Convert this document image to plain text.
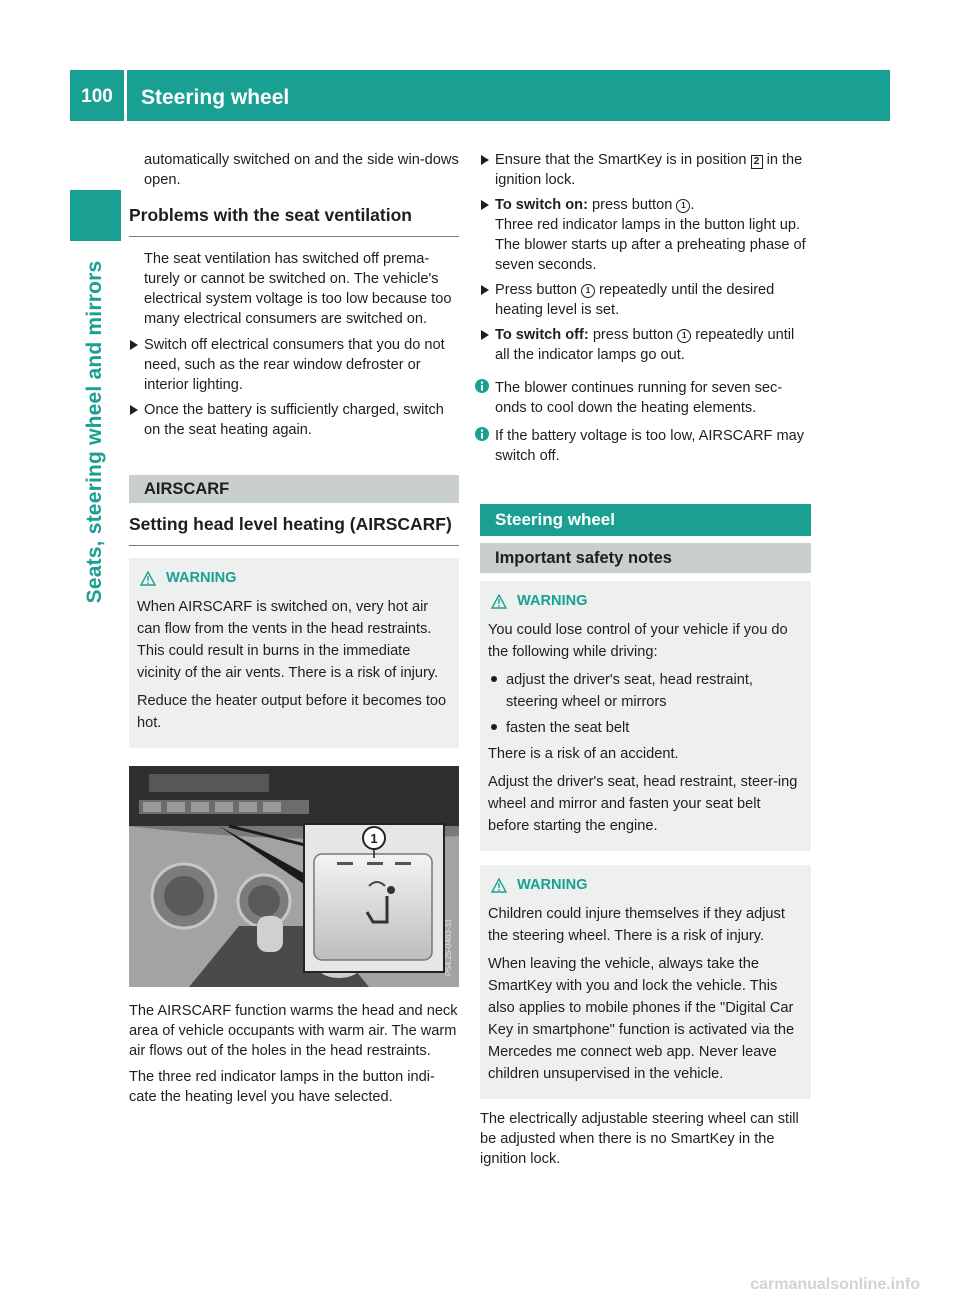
100	Steering wheel
Seats, steering wheel and mirrors

automatically switched on and the side win-dows open.

Problems with the seat ventilation

The seat ventilation has switched off prema-turely or cannot be switched on. The vehicle's electrical system voltage is too low because too many electrical consumers are switched on.

Switch off electrical consumers that you do not need, such as the rear window defroster or interior lighting.
Once the battery is sufficiently charged, switch on the seat heating again.
AIRSCARF
Setting head level heating (AIRSCARF)
WARNING

When AIRSCARF is switched on, very hot air can flow from the vents in the head restraints. This could result in burns in the immediate vicinity of the air vents. There is a risk of injury.

Reduce the heater output before it becomes too hot.

1
P54.25-0483-31

The AIRSCARF function warms the head and neck area of vehicle occupants with warm air. The warm air flows out of the holes in the head restraints.

The three red indicator lamps in the button indi-cate the heating level you have selected.

Ensure that the SmartKey is in position 2 in the ignition lock.
To switch on: press button 1 .
Three red indicator lamps in the button light up. The blower starts up after a preheating phase of seven seconds.
Press button 1 repeatedly until the desired heating level is set.
To switch off: press button 1 repeatedly until all the indicator lamps go out.
The blower continues running for seven sec-onds to cool down the heating elements.
If the battery voltage is too low, AIRSCARF may switch off.
Steering wheel
Important safety notes
WARNING

You could lose control of your vehicle if you do the following while driving:

adjust the driver's seat, head restraint, steering wheel or mirrors
fasten the seat belt

There is a risk of an accident.

Adjust the driver's seat, head restraint, steer-ing wheel and mirror and fasten your seat belt before starting the engine.

WARNING

Children could injure themselves if they adjust the steering wheel. There is a risk of injury.

When leaving the vehicle, always take the SmartKey with you and lock the vehicle. This also applies to mobile phones if the "Digital Car Key in smartphone" function is activated via the Mercedes me connect web app. Never leave children unsupervised in the vehicle.

The electrically adjustable steering wheel can still be adjusted when there is no SmartKey in the ignition lock.

carmanualsonline.info
